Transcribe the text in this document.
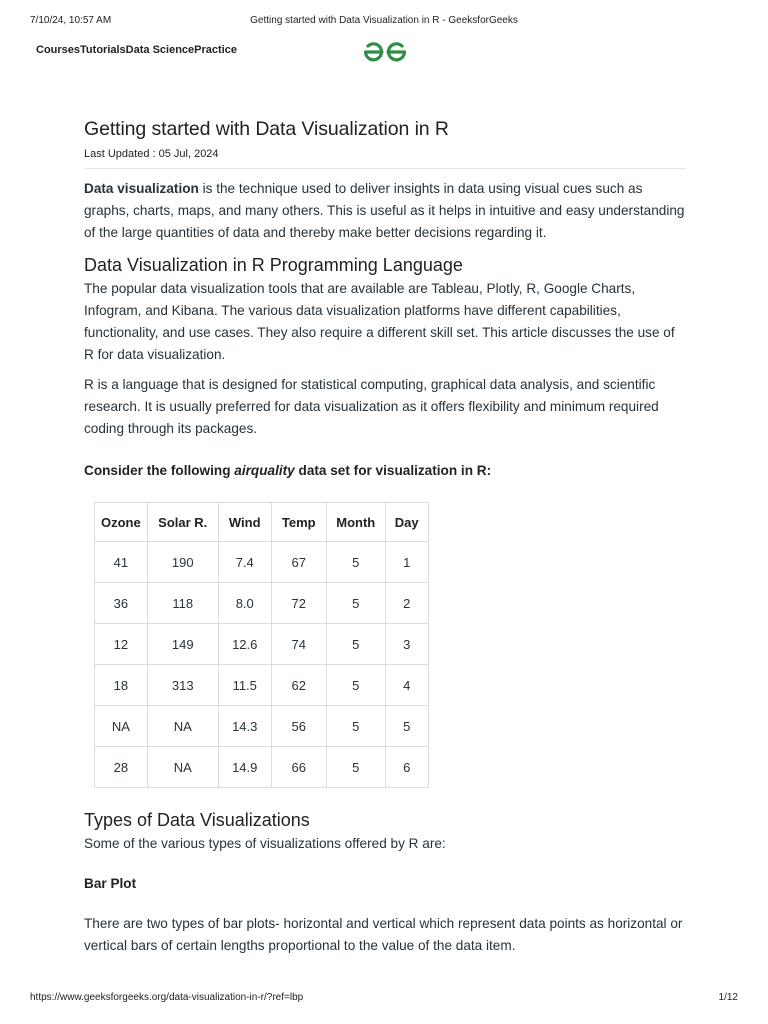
7/10/24, 10:57 AM	Getting started with Data Visualization in R - GeeksforGeeks
CoursesTutorialsData SciencePractice
Getting started with Data Visualization in R
Last Updated : 05 Jul, 2024

Data visualization is the technique used to deliver insights in data using visual cues such as graphs, charts, maps, and many others. This is useful as it helps in intuitive and easy understanding of the large quantities of data and thereby make better decisions regarding it.

Data Visualization in R Programming Language

The popular data visualization tools that are available are Tableau, Plotly, R, Google Charts, Infogram, and Kibana. The various data visualization platforms have different capabilities, functionality, and use cases. They also require a different skill set. This article discusses the use of R for data visualization.

R is a language that is designed for statistical computing, graphical data analysis, and scientific research. It is usually preferred for data visualization as it offers flexibility and minimum required coding through its packages.

Consider the following airquality data set for visualization in R:

Ozone	Solar R.	Wind	Temp	Month	Day
41	190	7.4	67	5	1
36	118	8.0	72	5	2
12	149	12.6	74	5	3
18	313	11.5	62	5	4
NA	NA	14.3	56	5	5
28	NA	14.9	66	5	6
Types of Data Visualizations

Some of the various types of visualizations offered by R are:

Bar Plot

There are two types of bar plots- horizontal and vertical which represent data points as horizontal or vertical bars of certain lengths proportional to the value of the data item.

https://www.geeksforgeeks.org/data-visualization-in-r/?ref=lbp	1/12
